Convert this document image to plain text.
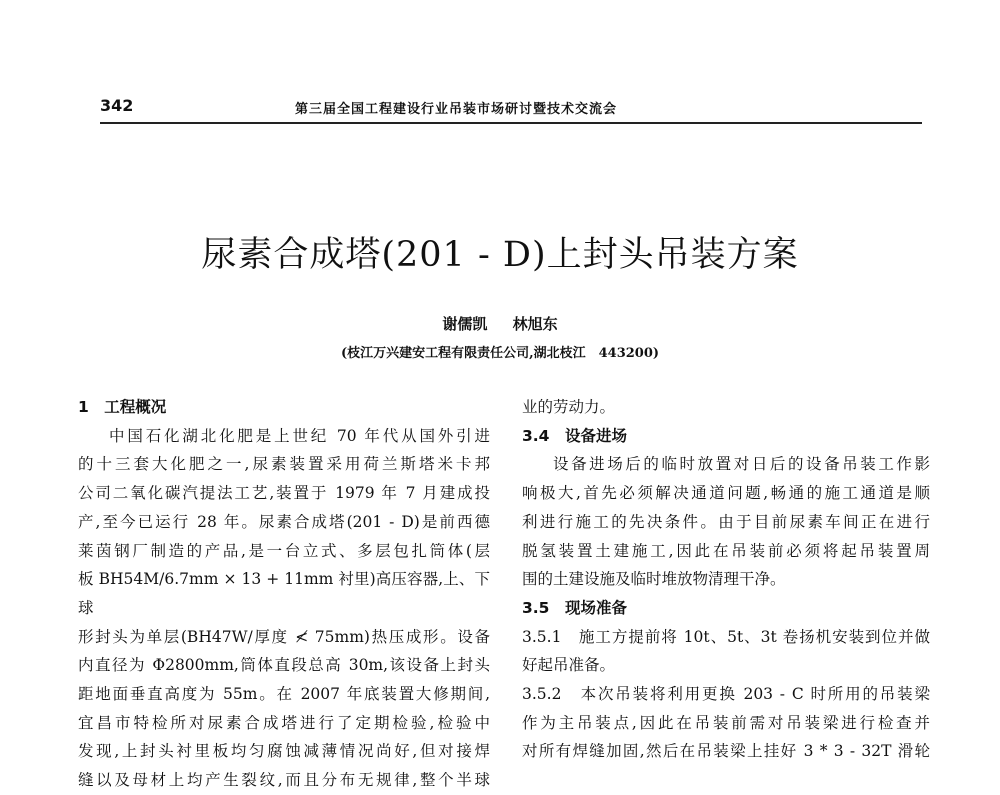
342	第三届全国工程建设行业吊装市场研讨暨技术交流会
尿素合成塔(201 - D)上封头吊装方案
谢儒凯 林旭东
(枝江万兴建安工程有限责任公司,湖北枝江　443200)
1　工程概况

中国石化湖北化肥是上世纪 70 年代从国外引进

的十三套大化肥之一,尿素装置采用荷兰斯塔米卡邦

公司二氧化碳汽提法工艺,装置于 1979 年 7 月建成投

产,至今已运行 28 年。尿素合成塔(201 - D)是前西德

莱茵钢厂制造的产品,是一台立式、多层包扎筒体(层

板 BH54M/6.7mm × 13 + 11mm 衬里)高压容器,上、下球

形封头为单层(BH47W/厚度 ≮ 75mm)热压成形。设备

内直径为 Φ2800mm,筒体直段总高 30m,该设备上封头

距地面垂直高度为 55m。在 2007 年底装置大修期间,

宜昌市特检所对尿素合成塔进行了定期检验,检验中

发现,上封头衬里板均匀腐蚀减薄情况尚好,但对接焊

缝以及母材上均产生裂纹,而且分布无规律,整个半球

业的劳动力。

3.4　设备进场

设备进场后的临时放置对日后的设备吊装工作影

响极大,首先必须解决通道问题,畅通的施工通道是顺

利进行施工的先决条件。由于目前尿素车间正在进行

脱氢装置土建施工,因此在吊装前必须将起吊装置周

围的土建设施及临时堆放物清理干净。

3.5　现场准备

3.5.1　施工方提前将 10t、5t、3t 卷扬机安装到位并做

好起吊准备。

3.5.2　本次吊装将利用更换 203 - C 时所用的吊装梁

作为主吊装点,因此在吊装前需对吊装梁进行检查并

对所有焊缝加固,然后在吊装梁上挂好 3 * 3 - 32T 滑轮
